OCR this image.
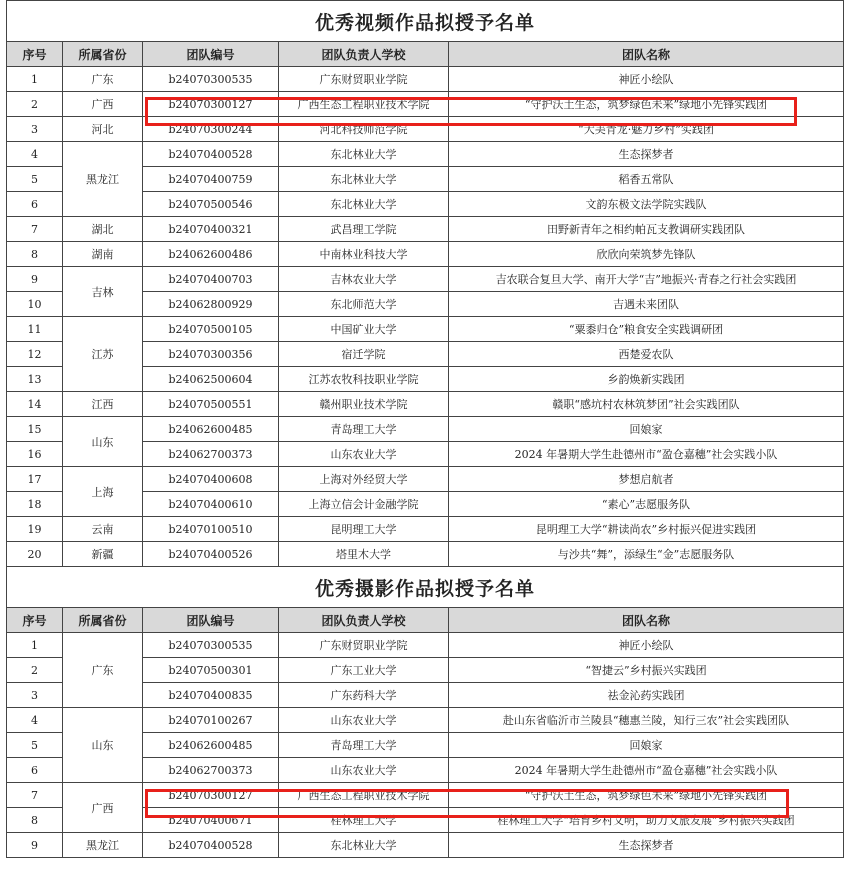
优秀视频作品拟授予名单				
序号	所属省份	团队编号	团队负责人学校	团队名称
1	广东	b24070300535	广东财贸职业学院	神匠小绘队
2	广西	b24070300127	广西生态工程职业技术学院	“守护沃土生态，筑梦绿色未来”绿地小先锋实践团
3	河北	b24070300244	河北科技师范学院	“大美青龙·魅力乡村”实践团
4	黑龙江	b24070400528	东北林业大学	生态探梦者
5		b24070400759	东北林业大学	稻香五常队
6		b24070500546	东北林业大学	文韵东极文法学院实践队
7	湖北	b24070400321	武昌理工学院	田野新青年之相约帕瓦支教调研实践团队
8	湖南	b24062600486	中南林业科技大学	欣欣向荣筑梦先锋队
9	吉林	b24070400703	吉林农业大学	吉农联合复旦大学、南开大学“吉”地振兴·青春之行社会实践团
10		b24062800929	东北师范大学	吉遇未来团队
11	江苏	b24070500105	中国矿业大学	“粟黍归仓”粮食安全实践调研团
12		b24070300356	宿迁学院	西楚爱农队
13		b24062500604	江苏农牧科技职业学院	乡韵焕新实践团
14	江西	b24070500551	赣州职业技术学院	赣职“感坑村农林筑梦团”社会实践团队
15	山东	b24062600485	青岛理工大学	回娘家
16		b24062700373	山东农业大学	2024 年暑期大学生赴德州市“盈仓嘉穗”社会实践小队
17	上海	b24070400608	上海对外经贸大学	梦想启航者
18		b24070400610	上海立信会计金融学院	“素心”志愿服务队
19	云南	b24070100510	昆明理工大学	昆明理工大学“耕读尚农”乡村振兴促进实践团
20	新疆	b24070400526	塔里木大学	与沙共“舞”，添绿生“金”志愿服务队
优秀摄影作品拟授予名单				
序号	所属省份	团队编号	团队负责人学校	团队名称
1	广东	b24070300535	广东财贸职业学院	神匠小绘队
2		b24070500301	广东工业大学	“智捷云”乡村振兴实践团
3		b24070400835	广东药科大学	祛金沁药实践团
4	山东	b24070100267	山东农业大学	赴山东省临沂市兰陵县“穗惠兰陵，知行三农”社会实践团队
5		b24062600485	青岛理工大学	回娘家
6		b24062700373	山东农业大学	2024 年暑期大学生赴德州市“盈仓嘉穗”社会实践小队
7	广西	b24070300127	广西生态工程职业技术学院	“守护沃土生态，筑梦绿色未来”绿地小先锋实践团
8		b24070400671	桂林理工大学	桂林理工大学“培育乡村文明，助力文旅发展”乡村振兴实践团
9	黑龙江	b24070400528	东北林业大学	生态探梦者
